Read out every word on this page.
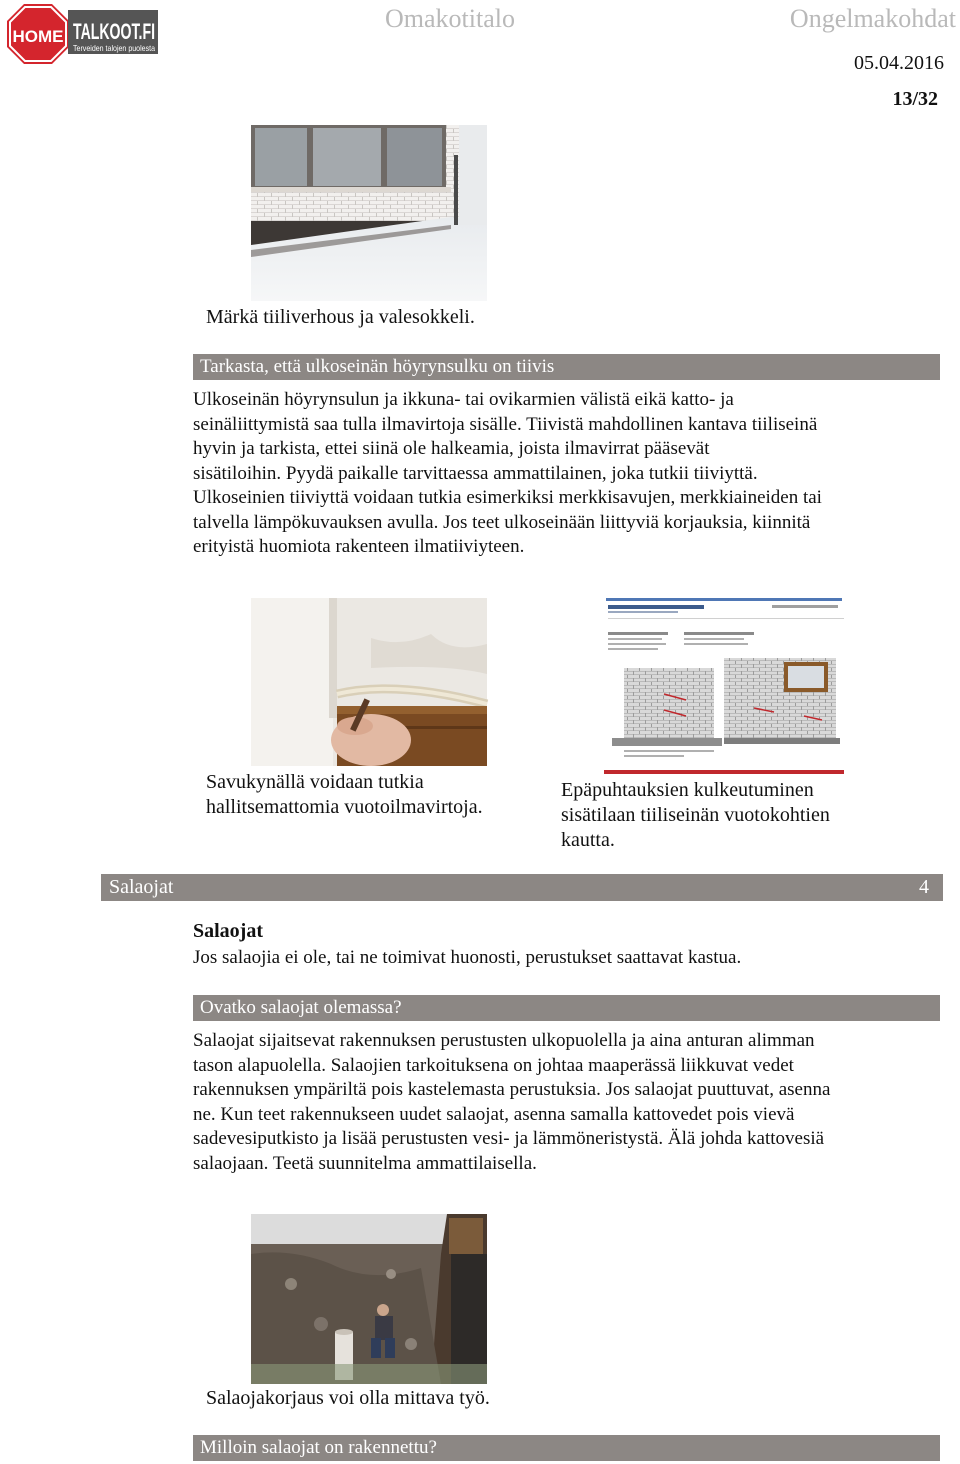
HOME TALKOOT.FI
Terveiden talojen puolesta
Omakotitalo	Ongelmakohdat
05.04.2016
13/32
Märkä tiiliverhous ja valesokkeli.
Tarkasta, että ulkoseinän höyrynsulku on tiivis
Ulkoseinän höyrynsulun ja ikkuna- tai ovikarmien välistä eikä katto- ja
seinäliittymistä saa tulla ilmavirtoja sisälle. Tiivistä mahdollinen kantava tiiliseinä
hyvin ja tarkista, ettei siinä ole halkeamia, joista ilmavirrat pääsevät
sisätiloihin. Pyydä paikalle tarvittaessa ammattilainen, joka tutkii tiiviyttä.
Ulkoseinien tiiviyttä voidaan tutkia esimerkiksi merkkisavujen, merkkiaineiden tai
talvella lämpökuvauksen avulla. Jos teet ulkoseinään liittyviä korjauksia, kiinnitä
erityistä huomiota rakenteen ilmatiiviyteen.
Savukynällä voidaan tutkia
hallitsemattomia vuotoilmavirtoja.
Epäpuhtauksien kulkeutuminen
sisätilaan tiiliseinän vuotokohtien
kautta.
Salaojat	4
Salaojat
Jos salaojia ei ole, tai ne toimivat huonosti, perustukset saattavat kastua.
Ovatko salaojat olemassa?
Salaojat sijaitsevat rakennuksen perustusten ulkopuolella ja aina anturan alimman
tason alapuolella. Salaojien tarkoituksena on johtaa maaperässä liikkuvat vedet
rakennuksen ympäriltä pois kastelemasta perustuksia. Jos salaojat puuttuvat, asenna
ne. Kun teet rakennukseen uudet salaojat, asenna samalla kattovedet pois vievä
sadevesiputkisto ja lisää perustusten vesi- ja lämmöneristystä. Älä johda kattovesiä
salaojaan. Teetä suunnitelma ammattilaisella.
Salaojakorjaus voi olla mittava työ.
Milloin salaojat on rakennettu?
